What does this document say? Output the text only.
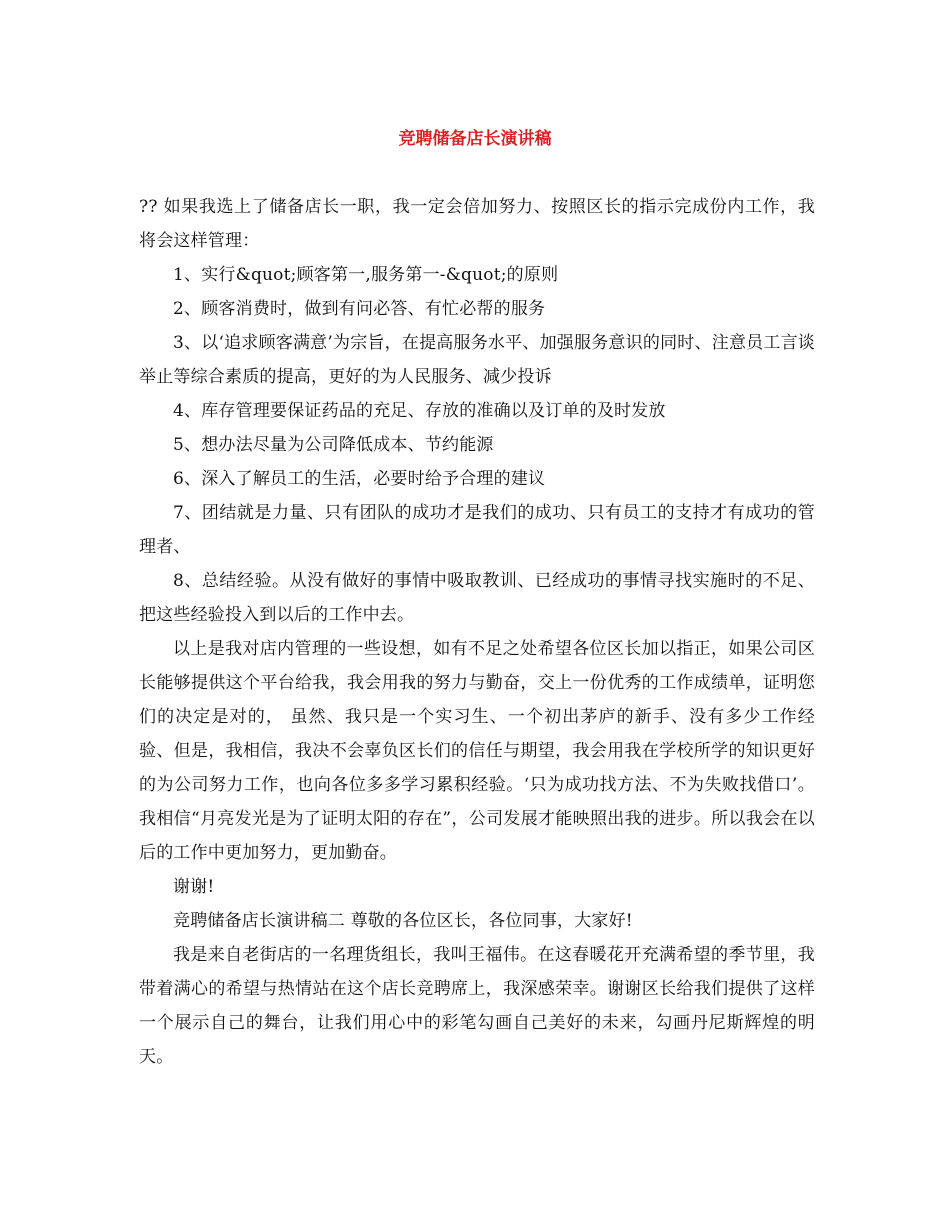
竞聘储备店长演讲稿

?? 如果我选上了储备店长一职，我一定会倍加努力、按照区长的指示完成份内工作，我将会这样管理：

1、实行&quot;顾客第一,服务第一-&quot;的原则

2、顾客消费时，做到有问必答、有忙必帮的服务

3、以‘追求顾客满意’为宗旨，在提高服务水平、加强服务意识的同时、注意员工言谈举止等综合素质的提高，更好的为人民服务、减少投诉

4、库存管理要保证药品的充足、存放的准确以及订单的及时发放

5、想办法尽量为公司降低成本、节约能源

6、深入了解员工的生活，必要时给予合理的建议

7、团结就是力量、只有团队的成功才是我们的成功、只有员工的支持才有成功的管理者、

8、总结经验。从没有做好的事情中吸取教训、已经成功的事情寻找实施时的不足、把这些经验投入到以后的工作中去。

以上是我对店内管理的一些设想，如有不足之处希望各位区长加以指正，如果公司区长能够提供这个平台给我，我会用我的努力与勤奋，交上一份优秀的工作成绩单，证明您们的决定是对的， 虽然、我只是一个实习生、一个初出茅庐的新手、没有多少工作经验、但是，我相信，我决不会辜负区长们的信任与期望，我会用我在学校所学的知识更好的为公司努力工作，也向各位多多学习累积经验。‘只为成功找方法、不为失败找借口’。我相信“月亮发光是为了证明太阳的存在”，公司发展才能映照出我的进步。所以我会在以后的工作中更加努力，更加勤奋。

谢谢!

竞聘储备店长演讲稿二 尊敬的各位区长，各位同事，大家好!

我是来自老街店的一名理货组长，我叫王福伟。在这春暖花开充满希望的季节里，我带着满心的希望与热情站在这个店长竞聘席上，我深感荣幸。谢谢区长给我们提供了这样一个展示自己的舞台，让我们用心中的彩笔勾画自己美好的未来，勾画丹尼斯辉煌的明天。
